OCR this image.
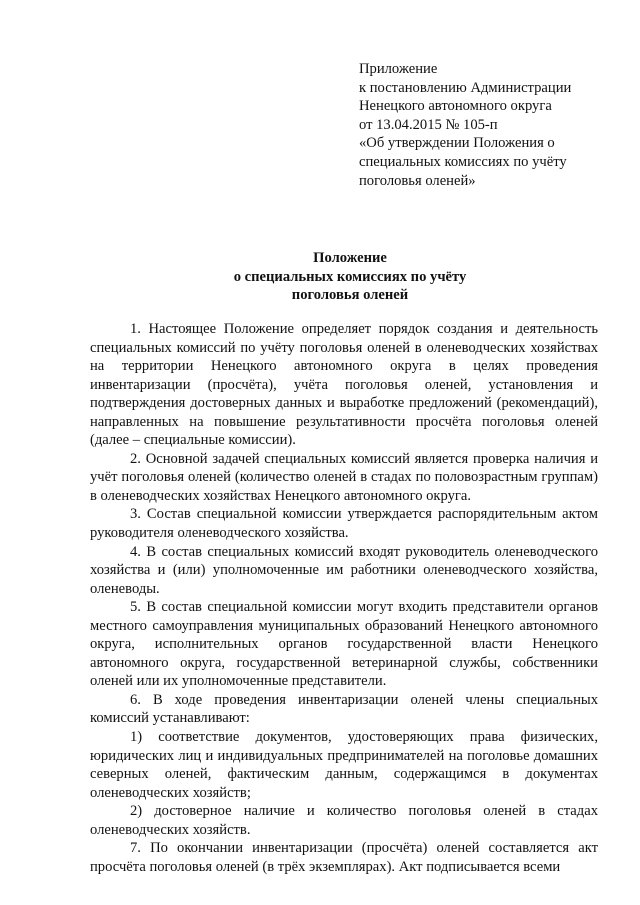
Приложение
к постановлению Администрации
Ненецкого автономного округа
от 13.04.2015 № 105-п
«Об утверждении Положения о
специальных комиссиях по учёту
поголовья оленей»
Положение
о специальных комиссиях по учёту
поголовья оленей

1. Настоящее Положение определяет порядок создания и деятельность специальных комиссий по учёту поголовья оленей в оленеводческих хозяйствах на территории Ненецкого автономного округа в целях проведения инвентаризации (просчёта), учёта поголовья оленей, установления и подтверждения достоверных данных и выработке предложений (рекомендаций), направленных на повышение результативности просчёта поголовья оленей (далее – специальные комиссии).

2. Основной задачей специальных комиссий является проверка наличия и учёт поголовья оленей (количество оленей в стадах по половозрастным группам) в оленеводческих хозяйствах Ненецкого автономного округа.

3. Состав специальной комиссии утверждается распорядительным актом руководителя оленеводческого хозяйства.

4. В состав специальных комиссий входят руководитель оленеводческого хозяйства и (или) уполномоченные им работники оленеводческого хозяйства, оленеводы.

5. В состав специальной комиссии могут входить представители органов местного самоуправления муниципальных образований Ненецкого автономного округа, исполнительных органов государственной власти Ненецкого автономного округа, государственной ветеринарной службы, собственники оленей или их уполномоченные представители.

6. В ходе проведения инвентаризации оленей члены специальных комиссий устанавливают:

1) соответствие документов, удостоверяющих права физических, юридических лиц и индивидуальных предпринимателей на поголовье домашних северных оленей, фактическим данным, содержащимся в документах оленеводческих хозяйств;

2) достоверное наличие и количество поголовья оленей в стадах оленеводческих хозяйств.

7. По окончании инвентаризации (просчёта) оленей составляется акт просчёта поголовья оленей (в трёх экземплярах). Акт подписывается всеми
